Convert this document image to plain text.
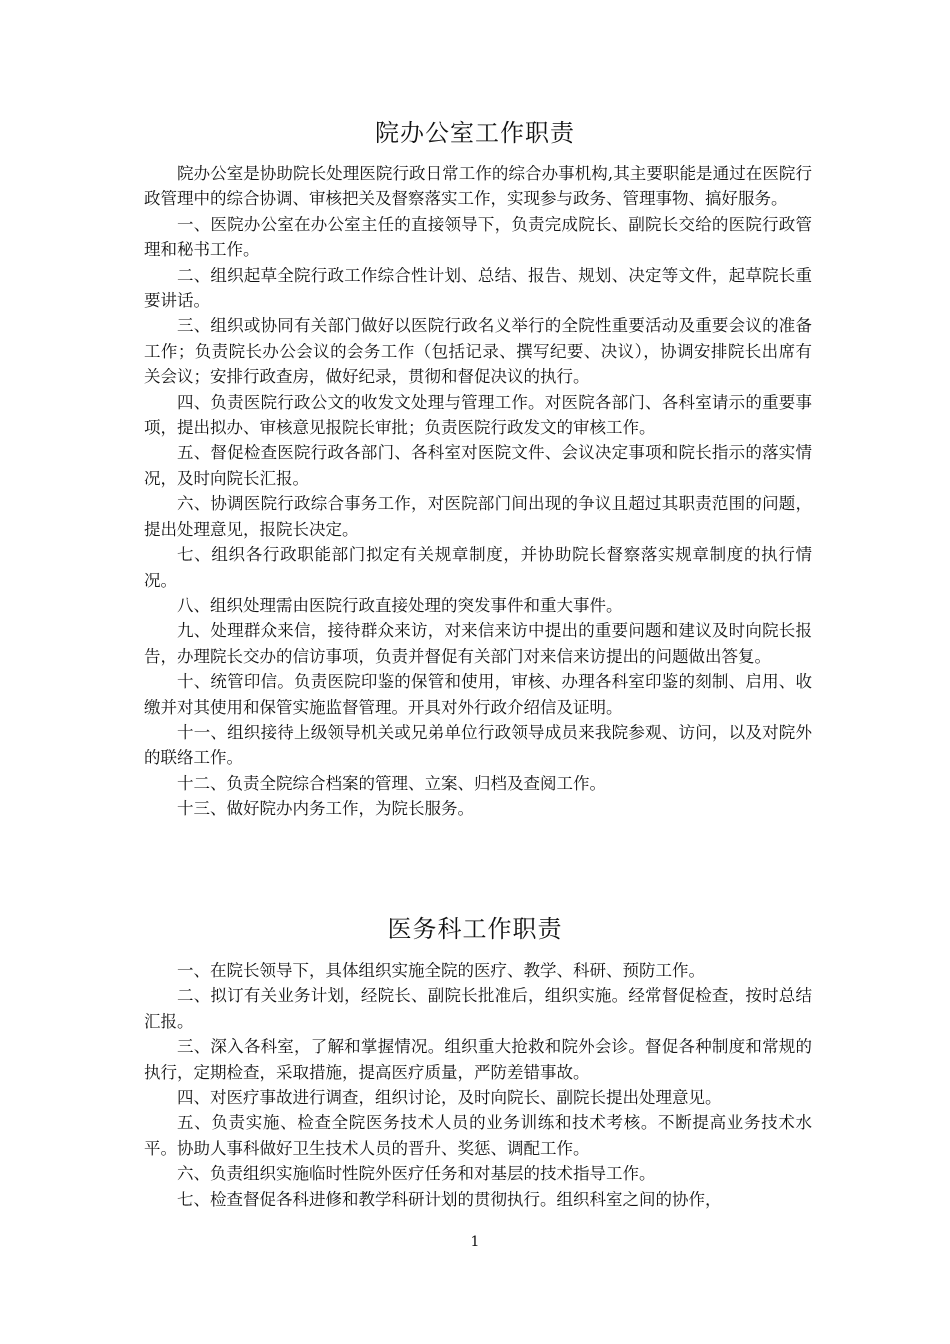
院办公室工作职责

院办公室是协助院长处理医院行政日常工作的综合办事机构,其主要职能是通过在医院行政管理中的综合协调、审核把关及督察落实工作，实现参与政务、管理事物、搞好服务。

一、医院办公室在办公室主任的直接领导下，负责完成院长、副院长交给的医院行政管理和秘书工作。

二、组织起草全院行政工作综合性计划、总结、报告、规划、决定等文件，起草院长重要讲话。

三、组织或协同有关部门做好以医院行政名义举行的全院性重要活动及重要会议的准备工作；负责院长办公会议的会务工作（包括记录、撰写纪要、决议），协调安排院长出席有关会议；安排行政查房，做好纪录，贯彻和督促决议的执行。

四、负责医院行政公文的收发文处理与管理工作。对医院各部门、各科室请示的重要事项，提出拟办、审核意见报院长审批；负责医院行政发文的审核工作。

五、督促检查医院行政各部门、各科室对医院文件、会议决定事项和院长指示的落实情况，及时向院长汇报。

六、协调医院行政综合事务工作，对医院部门间出现的争议且超过其职责范围的问题，提出处理意见，报院长决定。

七、组织各行政职能部门拟定有关规章制度，并协助院长督察落实规章制度的执行情况。

八、组织处理需由医院行政直接处理的突发事件和重大事件。

九、处理群众来信，接待群众来访，对来信来访中提出的重要问题和建议及时向院长报告，办理院长交办的信访事项，负责并督促有关部门对来信来访提出的问题做出答复。

十、统管印信。负责医院印鉴的保管和使用，审核、办理各科室印鉴的刻制、启用、收缴并对其使用和保管实施监督管理。开具对外行政介绍信及证明。

十一、组织接待上级领导机关或兄弟单位行政领导成员来我院参观、访问，以及对院外的联络工作。

十二、负责全院综合档案的管理、立案、归档及查阅工作。

十三、做好院办内务工作，为院长服务。

医务科工作职责

一、在院长领导下，具体组织实施全院的医疗、教学、科研、预防工作。

二、拟订有关业务计划，经院长、副院长批准后，组织实施。经常督促检查，按时总结汇报。

三、深入各科室，了解和掌握情况。组织重大抢救和院外会诊。督促各种制度和常规的执行，定期检查，采取措施，提高医疗质量，严防差错事故。

四、对医疗事故进行调查，组织讨论，及时向院长、副院长提出处理意见。

五、负责实施、检查全院医务技术人员的业务训练和技术考核。不断提高业务技术水平。协助人事科做好卫生技术人员的晋升、奖惩、调配工作。

六、负责组织实施临时性院外医疗任务和对基层的技术指导工作。

七、检查督促各科进修和教学科研计划的贯彻执行。组织科室之间的协作，

1
